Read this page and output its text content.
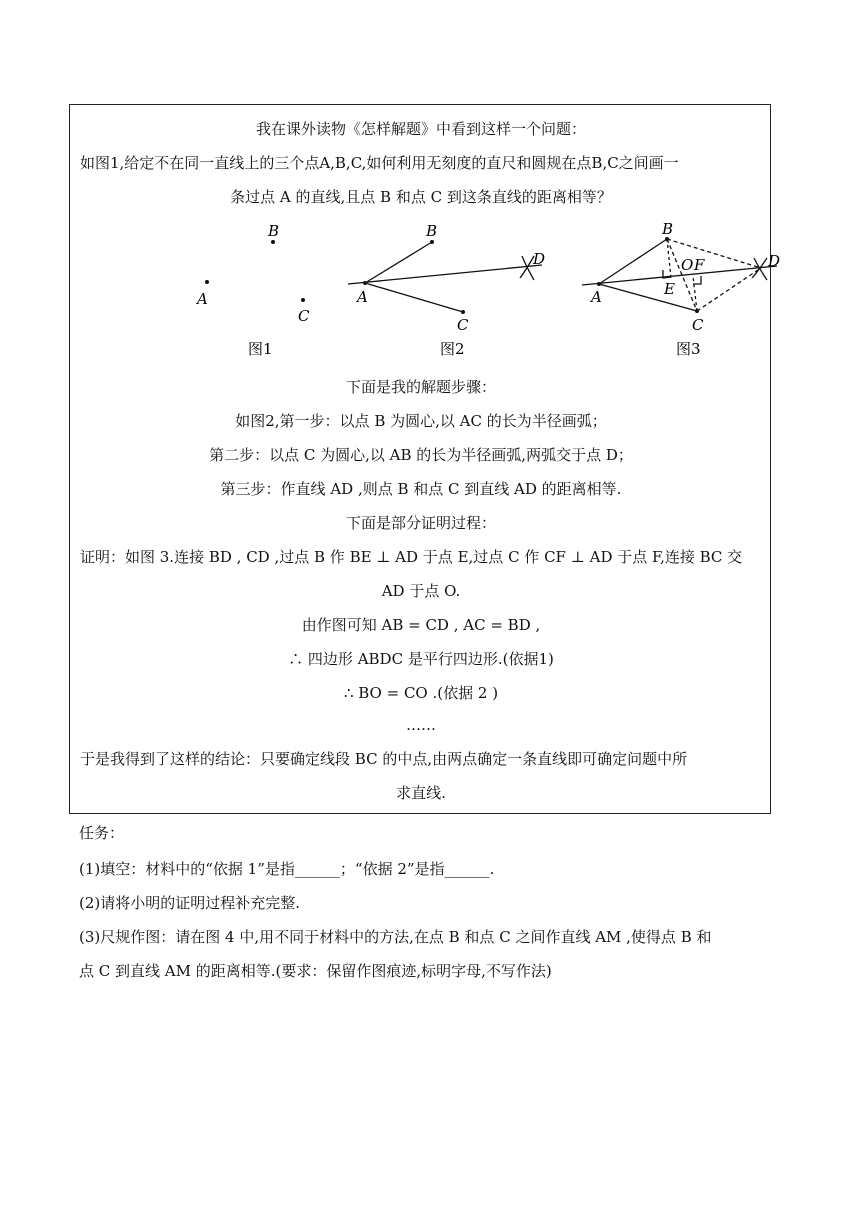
我在课外读物《怎样解题》中看到这样一个问题：
如图1,给定不在同一直线上的三个点A,B,C,如何利用无刻度的直尺和圆规在点B,C之间画一
条过点 A 的直线,且点 B 和点 C 到这条直线的距离相等？
A
B
C
图1
A
B
C
D
图2
A
B
C
D
E
O F
图3
下面是我的解题步骤：
如图2,第一步：以点 B 为圆心,以 AC 的长为半径画弧；
第二步：以点 C 为圆心,以 AB 的长为半径画弧,两弧交于点 D；
第三步：作直线 AD ,则点 B 和点 C 到直线 AD 的距离相等.
下面是部分证明过程：
证明：如图 3.连接 BD , CD ,过点 B 作 BE ⊥ AD 于点 E,过点 C 作 CF ⊥ AD 于点 F,连接 BC 交
AD 于点 O.
由作图可知 AB = CD , AC = BD ,
∴ 四边形 ABDC 是平行四边形.(依据1)
∴ BO = CO .(依据 2 )
……
于是我得到了这样的结论：只要确定线段 BC 的中点,由两点确定一条直线即可确定问题中所
求直线.
任务：
(1)填空：材料中的“依据 1”是指______；“依据 2”是指______.
(2)请将小明的证明过程补充完整.
(3)尺规作图：请在图 4 中,用不同于材料中的方法,在点 B 和点 C 之间作直线 AM ,使得点 B 和
点 C 到直线 AM 的距离相等.(要求：保留作图痕迹,标明字母,不写作法)
